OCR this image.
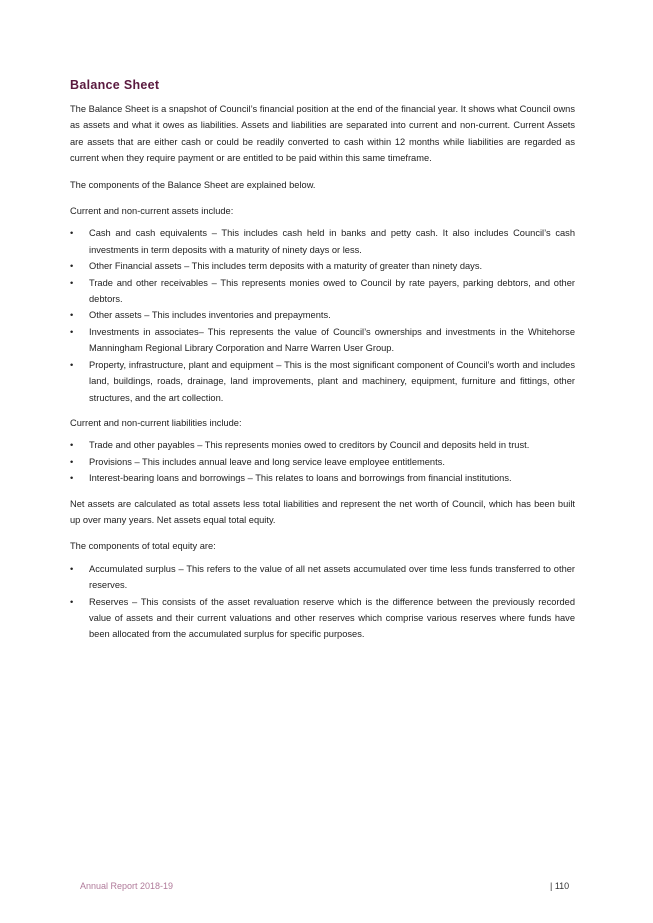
Balance Sheet

The Balance Sheet is a snapshot of Council’s financial position at the end of the financial year. It shows what Council owns as assets and what it owes as liabilities. Assets and liabilities are separated into current and non-current. Current Assets are assets that are either cash or could be readily converted to cash within 12 months while liabilities are regarded as current when they require payment or are entitled to be paid within this same timeframe.

The components of the Balance Sheet are explained below.

Current and non-current assets include:

• Cash and cash equivalents – This includes cash held in banks and petty cash. It also includes Council’s cash investments in term deposits with a maturity of ninety days or less.
• Other Financial assets – This includes term deposits with a maturity of greater than ninety days.
• Trade and other receivables – This represents monies owed to Council by rate payers, parking debtors, and other debtors.
• Other assets – This includes inventories and prepayments.
• Investments in associates– This represents the value of Council’s ownerships and investments in the Whitehorse Manningham Regional Library Corporation and Narre Warren User Group.
• Property, infrastructure, plant and equipment – This is the most significant component of Council’s worth and includes land, buildings, roads, drainage, land improvements, plant and machinery, equipment, furniture and fittings, other structures, and the art collection.

Current and non-current liabilities include:

• Trade and other payables – This represents monies owed to creditors by Council and deposits held in trust.
• Provisions – This includes annual leave and long service leave employee entitlements.
• Interest-bearing loans and borrowings – This relates to loans and borrowings from financial institutions.

Net assets are calculated as total assets less total liabilities and represent the net worth of Council, which has been built up over many years. Net assets equal total equity.

The components of total equity are:

• Accumulated surplus – This refers to the value of all net assets accumulated over time less funds transferred to other reserves.
• Reserves – This consists of the asset revaluation reserve which is the difference between the previously recorded value of assets and their current valuations and other reserves which comprise various reserves where funds have been allocated from the accumulated surplus for specific purposes.
Annual Report 2018-19	| 110
